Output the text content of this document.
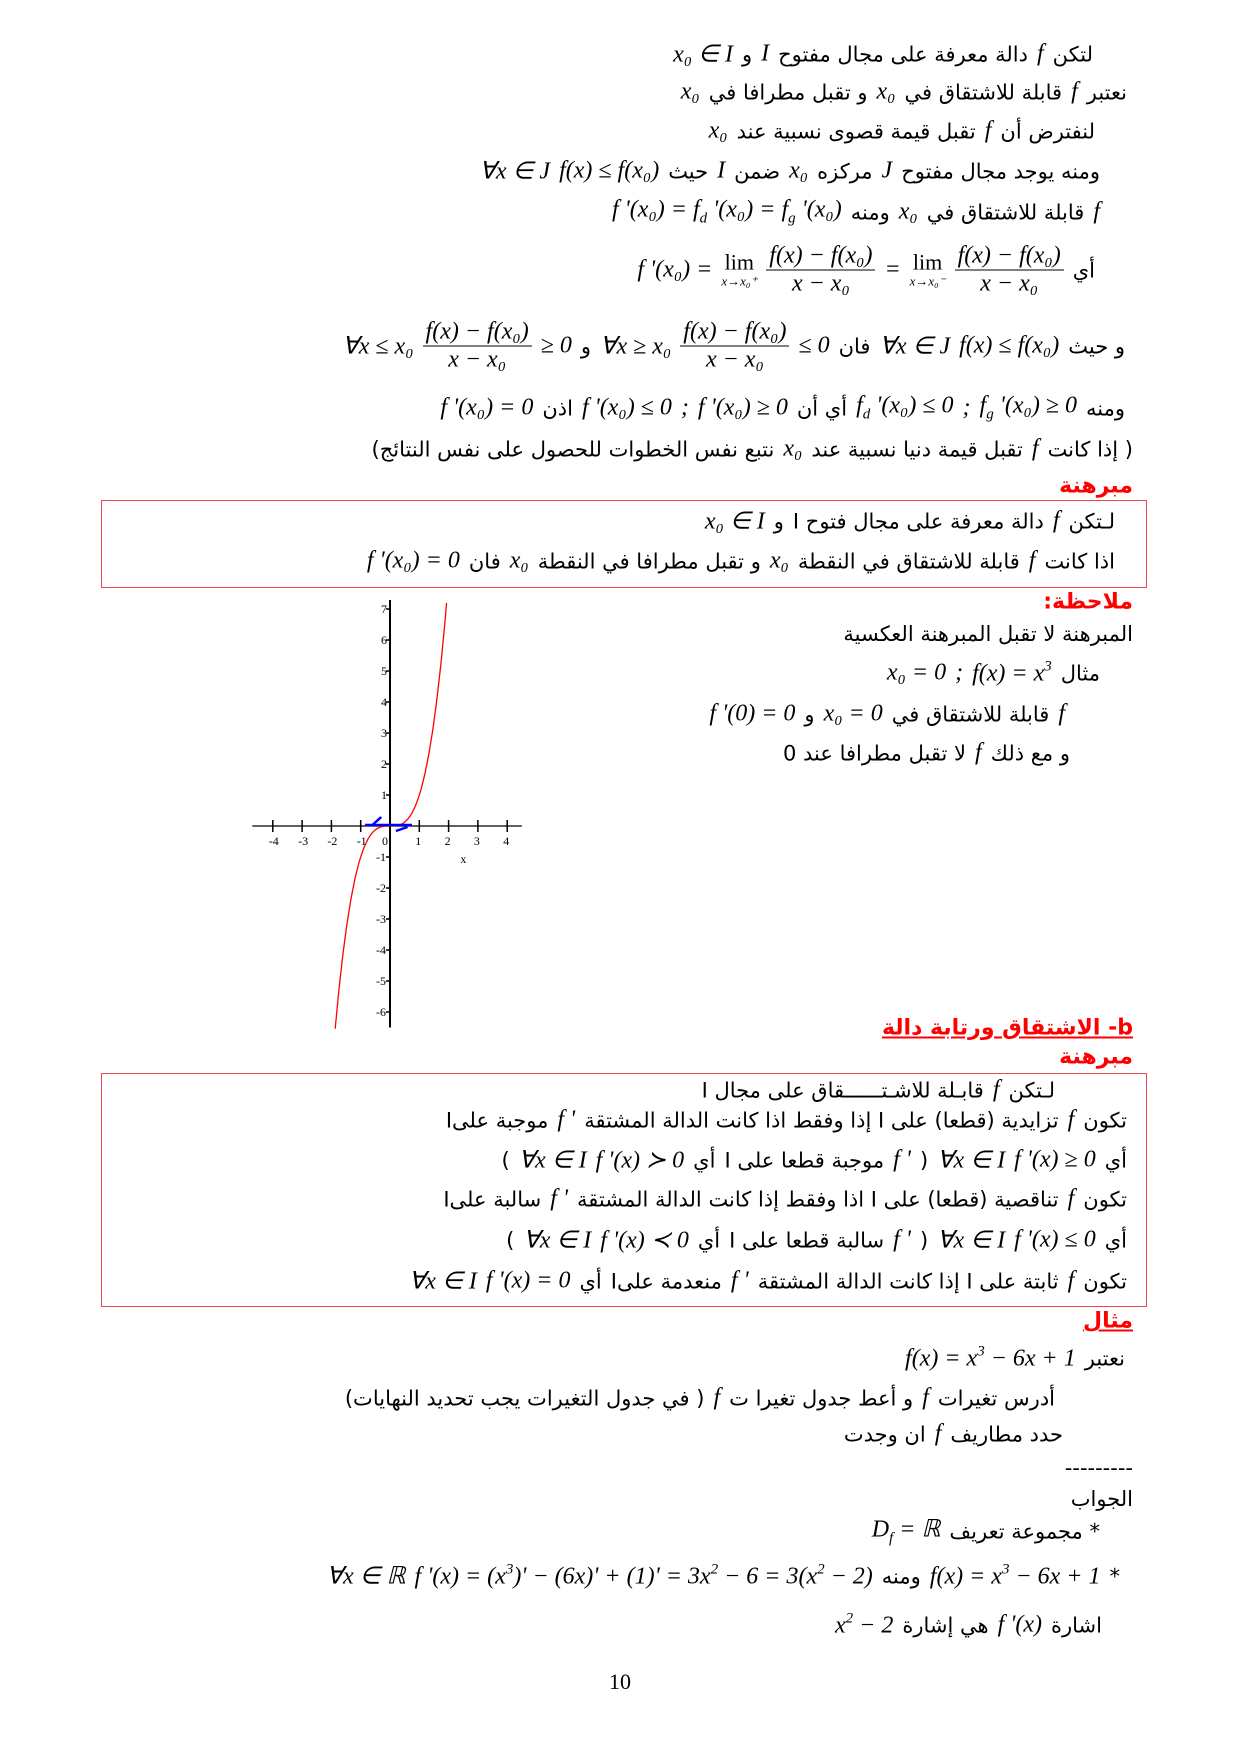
-4 -3 -2 -1 0 1 2 3 4
-6
-5
-4
-3
-2
-1
1
2
3
4
5
6
7
x
10
لتكن
f
دالة معرفة على مجال مفتوح
I
و
x₀ ∈ I
نعتبر
f
قابلة للاشتقاق في
x₀
و تقبل مطرافا في
x₀
لنفترض أن
f
تقبل قيمة قصوى نسبية عند
x₀
ومنه يوجد مجال مفتوح
J
مركزه
x₀
ضمن
I
حيث
f(x) ≤ f(x₀)
∀x ∈ J
f
قابلة للاشتقاق في
x₀
ومنه
f '$(x_0) = f_d$ '$(x_0) = f_g$ '(x₀)
أي
$\frac{\text{f(x) − f(x₀)}}{\text{x − x₀}}$
lim
x→x₀⁻
=
$\frac{\text{f(x) − f(x₀)}}{\text{x − x₀}}$
lim
x→x₀⁺
f '(x₀) =
و حيث
f(x) ≤ f(x₀)
∀x ∈ J
فان
≤ 0
$\frac{\text{f(x) − f(x₀)}}{\text{x − x₀}}$
∀x ≥ x₀
و
≥ 0
$\frac{\text{f(x) − f(x₀)}}{\text{x − x₀}}$
∀x ≤ x₀
ومنه
$f_g$ '(x₀) ≥ 0
;
$f_d$ '(x₀) ≤ 0
أي أن
f '(x₀) ≥ 0
;
f '(x₀) ≤ 0
اذن
f '(x₀) = 0
( إذا كانت
f
تقبل قيمة دنيا نسبية عند
x₀
نتبع نفس الخطوات للحصول على نفس النتائج)
مبرهنة
لـتكن
f
دالة معرفة على مجال فتوح I
و
x₀ ∈ I
اذا كانت
f
قابلة للاشتقاق في النقطة
x₀
و تقبل مطرافا في النقطة
x₀
فان
f '(x₀) = 0
ملاحظة:
المبرهنة لا تقبل المبرهنة العكسية
مثال
$f(x) = x^3$
;
x₀ = 0
f
قابلة للاشتقاق في
x₀ = 0
و
f '(0) = 0
و مع ذلك
f
لا تقبل مطرافا عند 0
b- الاشتقاق ورتابة دالة
مبرهنة
لـتكن
f
قابـلة للاشـتــــــقاق على مجال I
تكون
f
تزايدية (قطعا) على I إذا وفقط اذا كانت الدالة المشتقة
f '
موجبة علىI
أي
f '(x) ≥ 0
∀x ∈ I
(
f '
موجبة قطعا على I
أي
f '(x) ≻ 0
∀x ∈ I
)
تكون
f
تناقصية (قطعا) على I اذا وفقط إذا كانت الدالة المشتقة
f '
سالبة علىI
أي
f '(x) ≤ 0
∀x ∈ I
(
f '
سالبة قطعا على I
أي
f '(x) ≺ 0
∀x ∈ I
)
تكون
f
ثابتة على I إذا كانت الدالة المشتقة
f '
منعدمة علىI
أي
f '(x) = 0
∀x ∈ I
مثال
نعتبر
$f(x) = x^3 - 6x + 1$
أدرس تغيرات
f
و أعط جدول تغيرا ت
f
( في جدول التغيرات يجب تحديد النهايات)
حدد مطاريف
f
ان وجدت
---------
الجواب
* مجموعة تعريف
$D_f$ = ℝ
*
$f(x) = x^3 - 6x + 1$
ومنه
f '$(x) = (x^3)' - (6x)' + (1)' = 3x^2 - 6 = 3(x^2 - 2)$
∀x ∈ ℝ
اشارة
f '(x)
هي إشارة
$x^2 - 2$
